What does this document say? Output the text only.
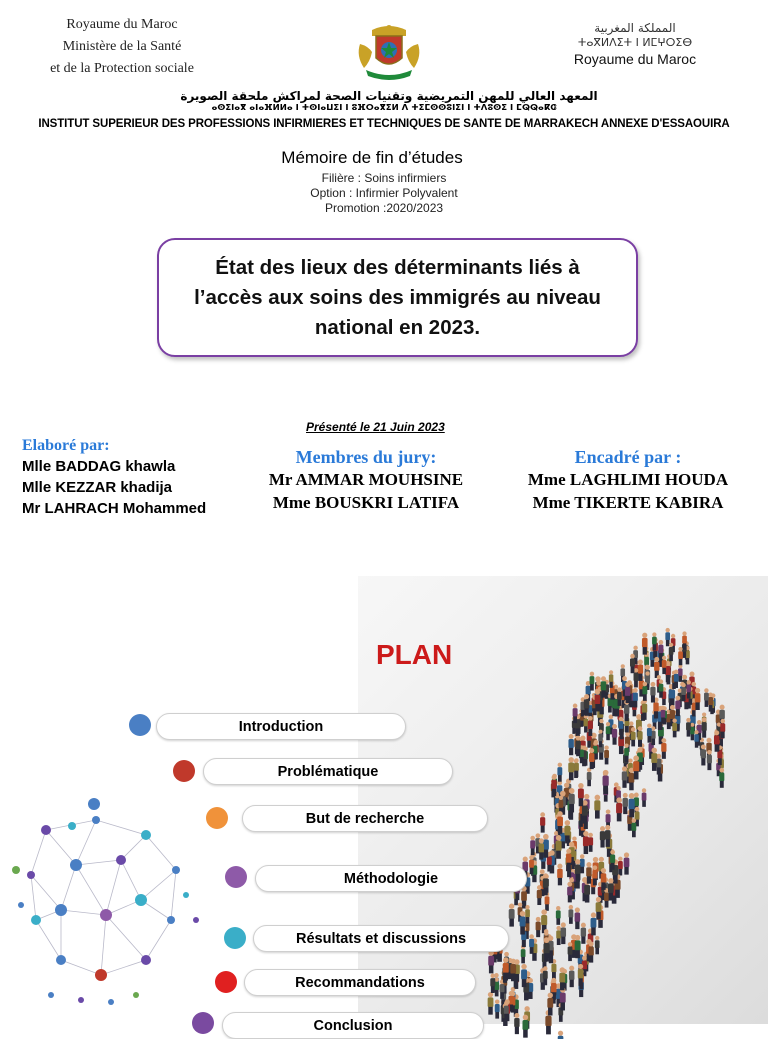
Royaume du Maroc
Ministère de la Santé
et de la Protection sociale
المملكة المغربية
ⵜⴰⴳⵍⴷⵉⵜ ⵏ ⵍⵎⵖⵔⵉⴱ
Royaume du Maroc
المعهد العالي للمهن التمريضية وتقنيات الصحة لمراكش ملحقة الصويرة
ⴰⵙⵉⵏⴰⴳ ⴰⵏⴰⴼⵍⵍⴰ ⵏ ⵜⵙⵏⴰⵡⵉⵏ ⵏ ⵓⴼⵔⴰⴳⵉⵍ ⴷ ⵜⵉⵎⵙⵙⵓⵏⵉⵏ ⵏ ⵜⴷⵓⵙⵉ ⵏ ⵎⵕⵕⴰⴽⵛ
INSTITUT SUPERIEUR DES PROFESSIONS INFIRMIERES ET TECHNIQUES DE SANTE DE MARRAKECH ANNEXE D'ESSAOUIRA
Mémoire de fin d’études
Filière : Soins infirmiers
Option : Infirmier Polyvalent
Promotion :2020/2023
État des lieux des déterminants liés à l’accès aux soins des immigrés au niveau national en 2023.
Présenté le 21 Juin 2023
Elaboré par:
Mlle BADDAG khawla
Mlle KEZZAR khadija
Mr LAHRACH Mohammed
Membres du jury:
Mr AMMAR MOUHSINE
Mme BOUSKRI LATIFA
Encadré par :
Mme LAGHLIMI HOUDA
Mme TIKERTE KABIRA
PLAN
Introduction
Problématique
But de recherche
Méthodologie
Résultats et discussions
Recommandations
Conclusion
